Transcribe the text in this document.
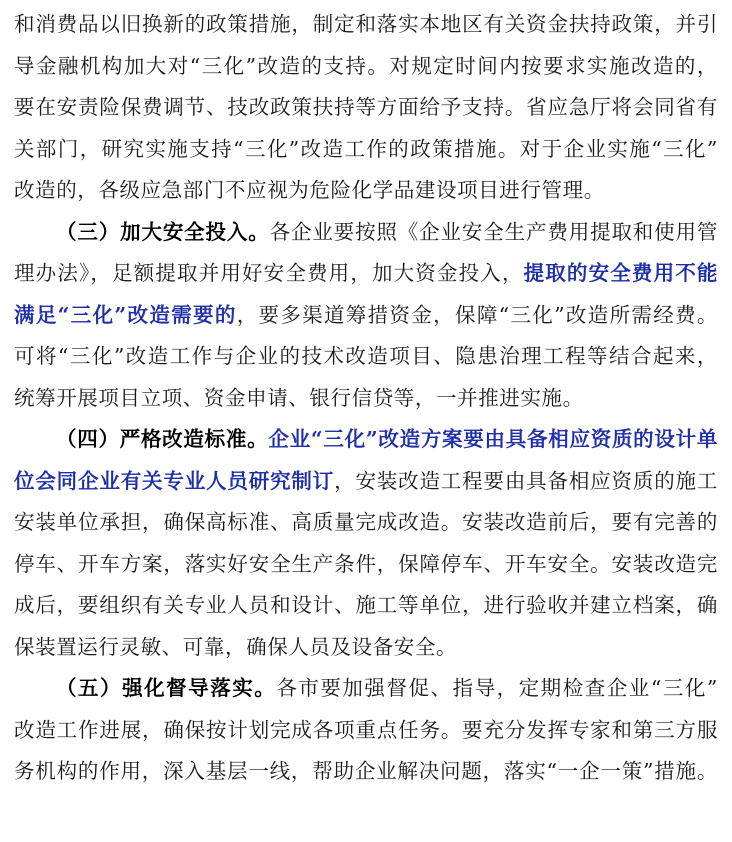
和消费品以旧换新的政策措施，制定和落实本地区有关资金扶持政策，并引
导金融机构加大对“三化”改造的支持。对规定时间内按要求实施改造的，
要在安责险保费调节、技改政策扶持等方面给予支持。省应急厅将会同省有
关部门，研究实施支持“三化”改造工作的政策措施。对于企业实施“三化”
改造的，各级应急部门不应视为危险化学品建设项目进行管理。
（三）加大安全投入。各企业要按照《企业安全生产费用提取和使用管
理办法》，足额提取并用好安全费用，加大资金投入，提取的安全费用不能
满足“三化”改造需要的，要多渠道筹措资金，保障“三化”改造所需经费。
可将“三化”改造工作与企业的技术改造项目、隐患治理工程等结合起来，
统筹开展项目立项、资金申请、银行信贷等，一并推进实施。
（四）严格改造标准。企业“三化”改造方案要由具备相应资质的设计单
位会同企业有关专业人员研究制订，安装改造工程要由具备相应资质的施工
安装单位承担，确保高标准、高质量完成改造。安装改造前后，要有完善的
停车、开车方案，落实好安全生产条件，保障停车、开车安全。安装改造完
成后，要组织有关专业人员和设计、施工等单位，进行验收并建立档案，确
保装置运行灵敏、可靠，确保人员及设备安全。
（五）强化督导落实。各市要加强督促、指导，定期检查企业“三化”
改造工作进展，确保按计划完成各项重点任务。要充分发挥专家和第三方服
务机构的作用，深入基层一线，帮助企业解决问题，落实“一企一策”措施。
